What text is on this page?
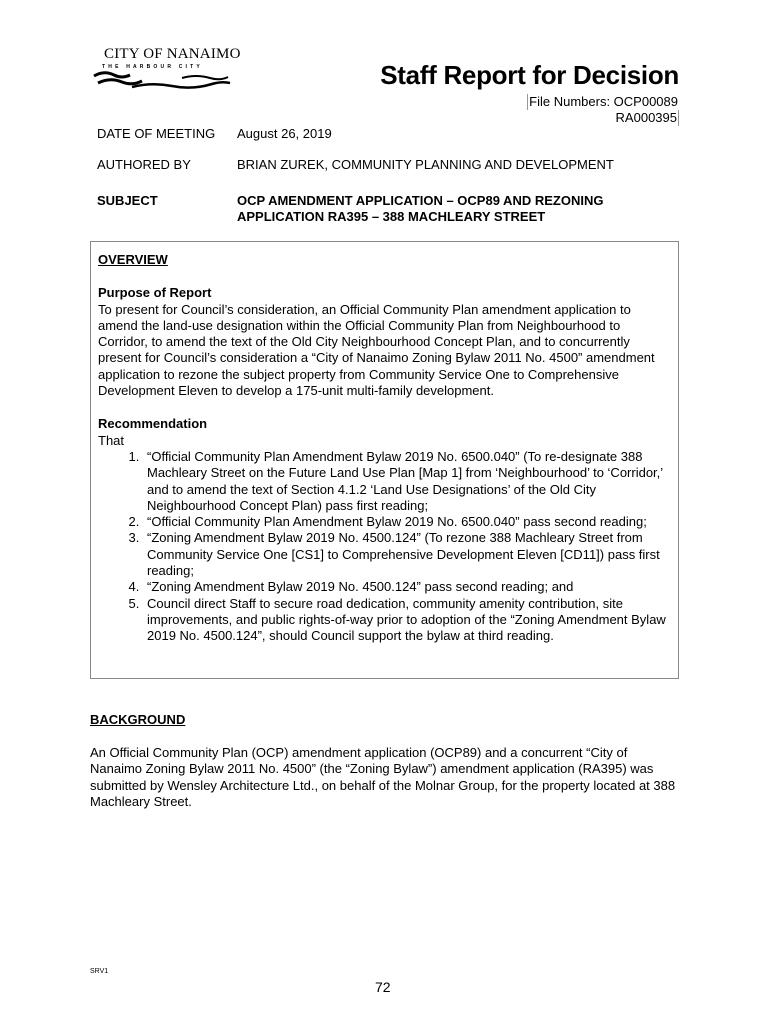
CITY OF NANAIMO
THE HARBOUR CITY	Staff Report for Decision
File Numbers: OCP00089
RA000395
DATE OF MEETING August 26, 2019
AUTHORED BY	BRIAN ZUREK, COMMUNITY PLANNING AND DEVELOPMENT
SUBJECT	OCP AMENDMENT APPLICATION – OCP89 AND REZONING APPLICATION RA395 – 388 MACHLEARY STREET
OVERVIEW
Purpose of Report

To present for Council’s consideration, an Official Community Plan amendment application to amend the land-use designation within the Official Community Plan from Neighbourhood to Corridor, to amend the text of the Old City Neighbourhood Concept Plan, and to concurrently present for Council’s consideration a “City of Nanaimo Zoning Bylaw 2011 No. 4500” amendment application to rezone the subject property from Community Service One to Comprehensive Development Eleven to develop a 175-unit multi-family development.

Recommendation
That
1. “Official Community Plan Amendment Bylaw 2019 No. 6500.040” (To re-designate 388 Machleary Street on the Future Land Use Plan [Map 1] from ‘Neighbourhood’ to ‘Corridor,’ and to amend the text of Section 4.1.2 ‘Land Use Designations’ of the Old City Neighbourhood Concept Plan) pass first reading;
2. “Official Community Plan Amendment Bylaw 2019 No. 6500.040” pass second reading;
3. “Zoning Amendment Bylaw 2019 No. 4500.124” (To rezone 388 Machleary Street from Community Service One [CS1] to Comprehensive Development Eleven [CD11]) pass first reading;
4. “Zoning Amendment Bylaw 2019 No. 4500.124” pass second reading; and
5. Council direct Staff to secure road dedication, community amenity contribution, site improvements, and public rights-of-way prior to adoption of the “Zoning Amendment Bylaw 2019 No. 4500.124”, should Council support the bylaw at third reading.
BACKGROUND

An Official Community Plan (OCP) amendment application (OCP89) and a concurrent “City of Nanaimo Zoning Bylaw 2011 No. 4500” (the “Zoning Bylaw”) amendment application (RA395) was submitted by Wensley Architecture Ltd., on behalf of the Molnar Group, for the property located at 388 Machleary Street.

SRV1
72
